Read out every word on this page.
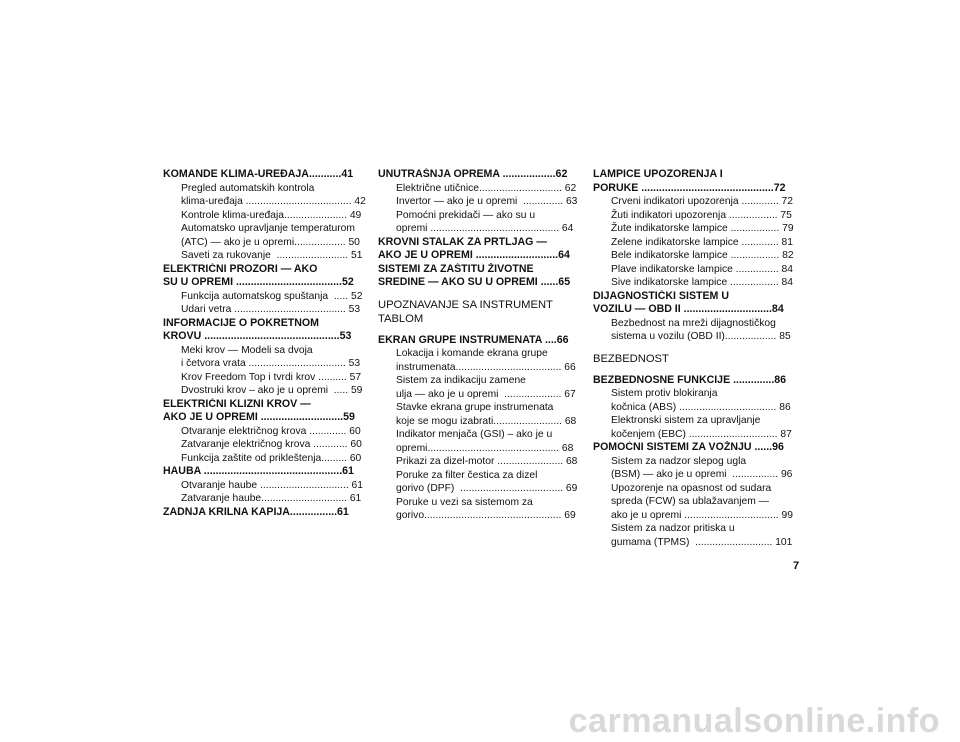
KOMANDE KLIMA-UREĐAJA...........41
Pregled automatskih kontrola
klima-uređaja ..................................... 42
Kontrole klima-uređaja...................... 49
Automatsko upravljanje temperaturom
(ATC) — ako je u opremi.................. 50
Saveti za rukovanje  ......................... 51
ELEKTRIČNI PROZORI — AKO
SU U OPREMI ....................................52
Funkcija automatskog spuštanja  ..... 52
Udari vetra ....................................... 53
INFORMACIJE O POKRETNOM
KROVU ..............................................53
Meki krov — Modeli sa dvoja
i četvora vrata .................................. 53
Krov Freedom Top i tvrdi krov .......... 57
Dvostruki krov – ako je u opremi  ..... 59
ELEKTRIČNI KLIZNI KROV —
AKO JE U OPREMI ............................59
Otvaranje električnog krova ............. 60
Zatvaranje električnog krova ............ 60
Funkcija zaštite od prikleštenja......... 60
HAUBA ...............................................61
Otvaranje haube ............................... 61
Zatvaranje haube.............................. 61
ZADNJA KRILNA KAPIJA................61
UNUTRAŠNJA OPREMA ..................62
Električne utičnice............................. 62
Invertor — ako je u opremi  .............. 63
Pomoćni prekidači — ako su u
opremi ............................................. 64
KROVNI STALAK ZA PRTLJAG —
AKO JE U OPREMI ............................64
SISTEMI ZA ZAŠTITU ŽIVOTNE
SREDINE — AKO SU U OPREMI ......65
UPOZNAVANJE SA INSTRUMENT
TABLOM
EKRAN GRUPE INSTRUMENATA ....66
Lokacija i komande ekrana grupe
instrumenata..................................... 66
Sistem za indikaciju zamene
ulja — ako je u opremi  .................... 67
Stavke ekrana grupe instrumenata
koje se mogu izabrati........................ 68
Indikator menjača (GSI) – ako je u
opremi.............................................. 68
Prikazi za dizel-motor ....................... 68
Poruke za filter čestica za dizel
gorivo (DPF)  .................................... 69
Poruke u vezi sa sistemom za
gorivo................................................ 69
LAMPICE UPOZORENJA I
PORUKE .............................................72
Crveni indikatori upozorenja ............. 72
Žuti indikatori upozorenja ................. 75
Žute indikatorske lampice ................. 79
Zelene indikatorske lampice ............. 81
Bele indikatorske lampice ................. 82
Plave indikatorske lampice ............... 84
Sive indikatorske lampice ................. 84
DIJAGNOSTIČKI SISTEM U
VOZILU — OBD II ..............................84
Bezbednost na mreži dijagnostičkog
sistema u vozilu (OBD II).................. 85
BEZBEDNOST
BEZBEDNOSNE FUNKCIJE ..............86
Sistem protiv blokiranja
kočnica (ABS) .................................. 86
Elektronski sistem za upravljanje
kočenjem (EBC) ............................... 87
POMOĆNI SISTEMI ZA VOŽNJU ......96
Sistem za nadzor slepog ugla
(BSM) — ako je u opremi  ................ 96
Upozorenje na opasnost od sudara
spreda (FCW) sa ublažavanjem —
ako je u opremi ................................. 99
Sistem za nadzor pritiska u
gumama (TPMS)  ........................... 101
7
carmanualsonline.info
